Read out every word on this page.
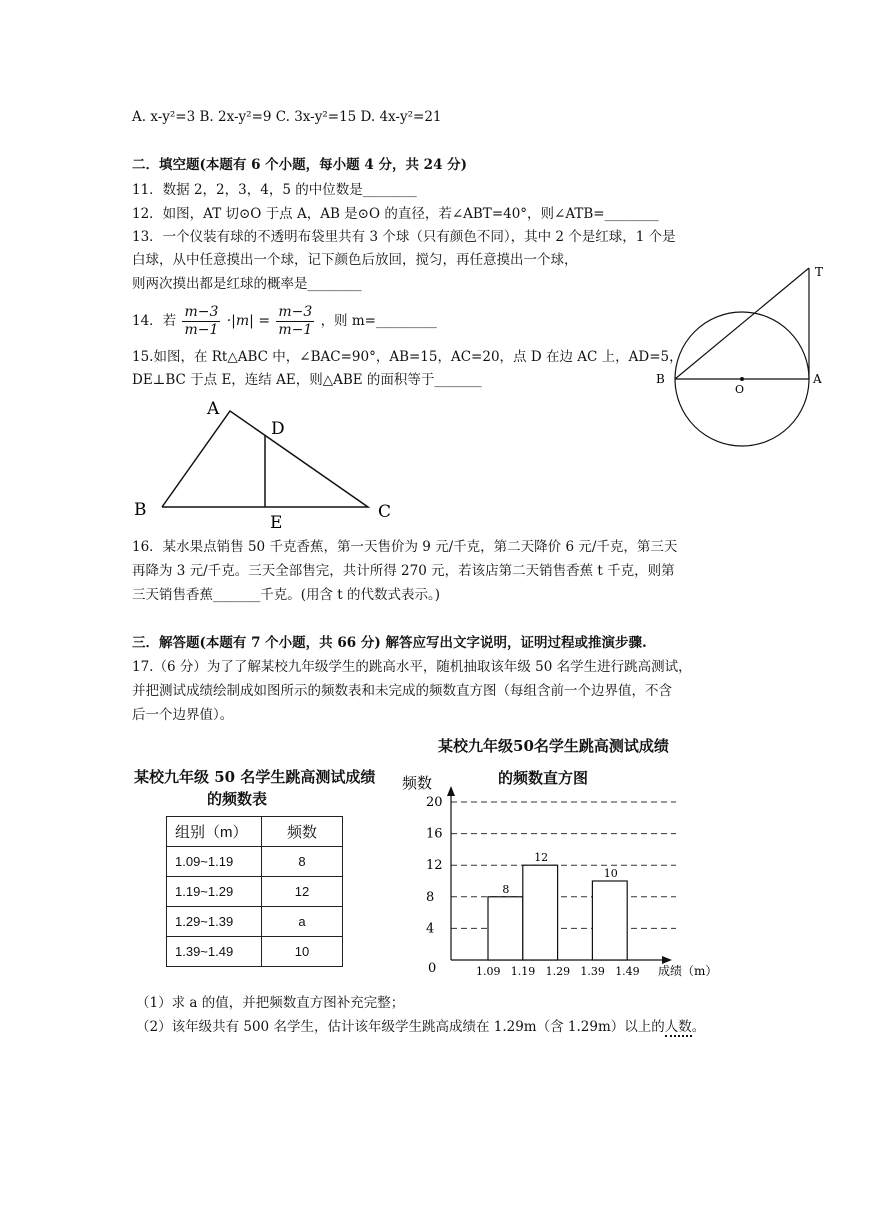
A. x-y²=3 B. 2x-y²=9 C. 3x-y²=15 D. 4x-y²=21
二．填空题(本题有 6 个小题，每小题 4 分，共 24 分)
11．数据 2，2，3，4，5 的中位数是________
12．如图，AT 切⊙O 于点 A，AB 是⊙O 的直径，若∠ABT=40°，则∠ATB=________
13．一个仪装有球的不透明布袋里共有 3 个球（只有颜色不同），其中 2 个是红球，1 个是
白球，从中任意摸出一个球，记下颜色后放回，搅匀，再任意摸出一个球，
则两次摸出都是红球的概率是________
14．若 $\frac{m-3}{m-1} \cdot|m| = \frac{m-3}{m-1}$ ，则 m=_________
15.如图，在 Rt△ABC 中，∠BAC=90°，AB=15，AC=20，点 D 在边 AC 上，AD=5，
DE⊥BC 于点 E，连结 AE，则△ABE 的面积等于_______
T
B
O
A
A
D
B	C
E
16．某水果点销售 50 千克香蕉，第一天售价为 9 元/千克，第二天降价 6 元/千克，第三天
再降为 3 元/千克。三天全部售完，共计所得 270 元，若该店第二天销售香蕉 t 千克，则第
三天销售香蕉_______千克。(用含 t 的代数式表示。)
三．解答题(本题有 7 个小题，共 66 分) 解答应写出文字说明，证明过程或推演步骤.
17.（6 分）为了了解某校九年级学生的跳高水平，随机抽取该年级 50 名学生进行跳高测试，
并把测试成绩绘制成如图所示的频数表和未完成的频数直方图（每组含前一个边界值，不含
后一个边界值）。
某校九年级 50 名学生跳高测试成绩
的频数表
组别（m）	频数
1.09~1.19	8
1.19~1.29	12
1.29~1.39	a
1.39~1.49	10
某校九年级50名学生跳高测试成绩
的频数直方图
0
4
8
12
16
20
频数
成绩（m）
1.09 1.19 1.29 1.39 1.49
8
12
10
（1）求 a 的值，并把频数直方图补充完整；
（2）该年级共有 500 名学生，估计该年级学生跳高成绩在 1.29m（含 1.29m）以上的人数。
